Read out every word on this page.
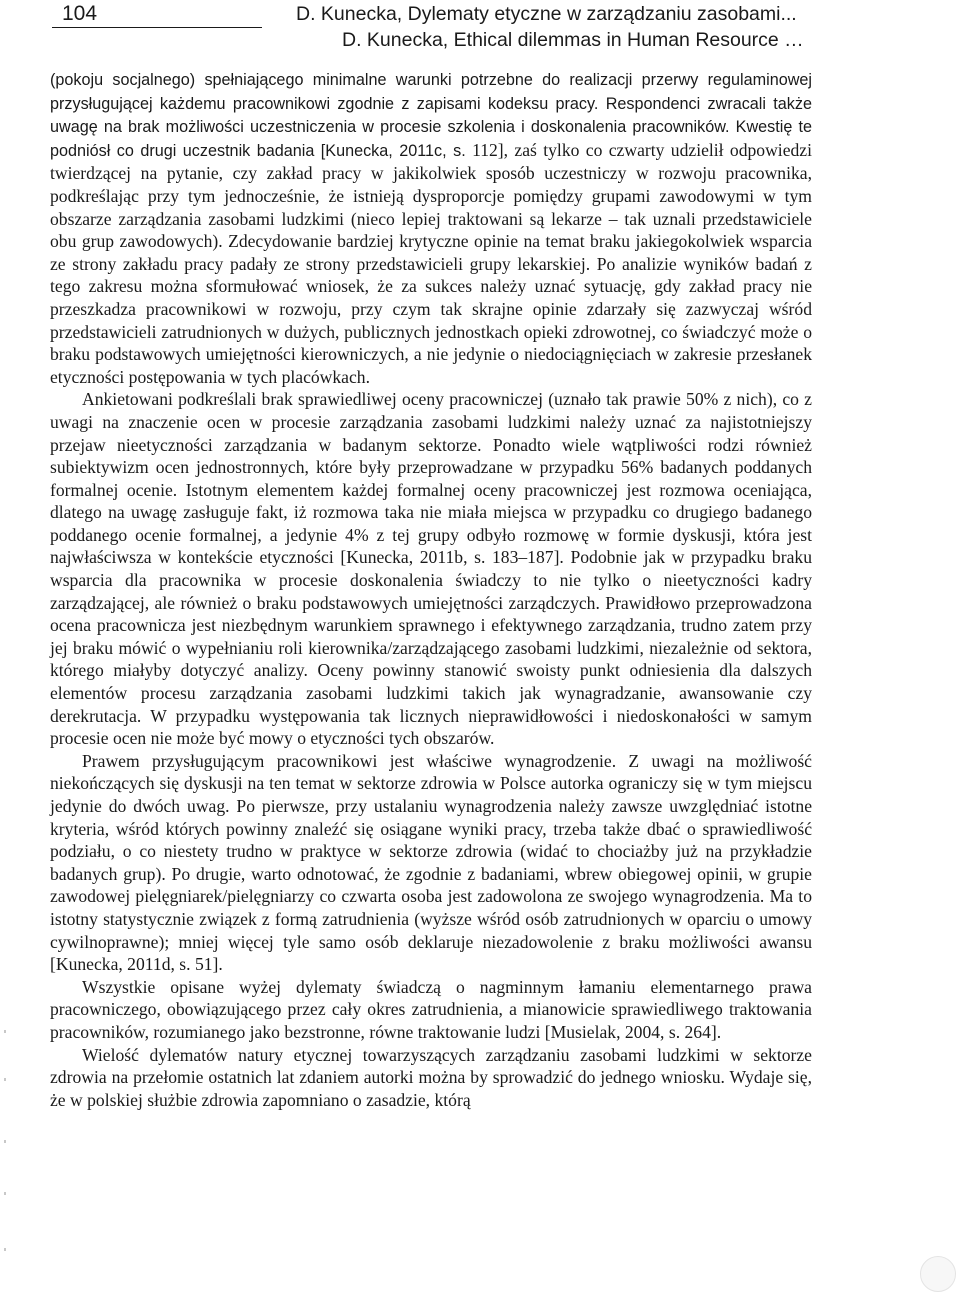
104	D. Kunecka, Dylematy etyczne w zarządzaniu zasobami...
D. Kunecka, Ethical dilemmas in Human Resource …

(pokoju socjalnego) spełniającego minimalne warunki potrzebne do realizacji przerwy regulaminowej przysługującej każdemu pracownikowi zgodnie z zapisami kodeksu pracy. Respondenci zwracali także uwagę na brak możliwości uczestniczenia w procesie szkolenia i doskonalenia pracowników. Kwestię te podniósł co drugi uczestnik badania [Kunecka, 2011c, s. 112], zaś tylko co czwarty udzielił odpowiedzi twierdzącej na pytanie, czy zakład pracy w jakikolwiek sposób uczestniczy w rozwoju pracownika, podkreślając przy tym jednocześnie, że istnieją dysproporcje pomiędzy grupami zawodowymi w tym obszarze zarządzania zasobami ludzkimi (nieco lepiej traktowani są lekarze – tak uznali przedstawiciele obu grup zawodowych). Zdecydowanie bardziej krytyczne opinie na temat braku jakiegokolwiek wsparcia ze strony zakładu pracy padały ze strony przedstawicieli grupy lekarskiej. Po analizie wyników badań z tego zakresu można sformułować wniosek, że za sukces należy uznać sytuację, gdy zakład pracy nie przeszkadza pracownikowi w rozwoju, przy czym tak skrajne opinie zdarzały się zazwyczaj wśród przedstawicieli zatrudnionych w dużych, publicznych jednostkach opieki zdrowotnej, co świadczyć może o braku podstawowych umiejętności kierowniczych, a nie jedynie o niedociągnięciach w zakresie przesłanek etyczności postępowania w tych placówkach.

Ankietowani podkreślali brak sprawiedliwej oceny pracowniczej (uznało tak prawie 50% z nich), co z uwagi na znaczenie ocen w procesie zarządzania zasobami ludzkimi należy uznać za najistotniejszy przejaw nieetyczności zarządzania w badanym sektorze. Ponadto wiele wątpliwości rodzi również subiektywizm ocen jednostronnych, które były przeprowadzane w przypadku 56% badanych poddanych formalnej ocenie. Istotnym elementem każdej formalnej oceny pracowniczej jest rozmowa oceniająca, dlatego na uwagę zasługuje fakt, iż rozmowa taka nie miała miejsca w przypadku co drugiego badanego poddanego ocenie formalnej, a jedynie 4% z tej grupy odbyło rozmowę w formie dyskusji, która jest najwłaściwsza w kontekście etyczności [Kunecka, 2011b, s. 183–187]. Podobnie jak w przypadku braku wsparcia dla pracownika w procesie doskonalenia świadczy to nie tylko o nieetyczności kadry zarządzającej, ale również o braku podstawowych umiejętności zarządczych. Prawidłowo przeprowadzona ocena pracownicza jest niezbędnym warunkiem sprawnego i efektywnego zarządzania, trudno zatem przy jej braku mówić o wypełnianiu roli kierownika/zarządzającego zasobami ludzkimi, niezależnie od sektora, którego miałyby dotyczyć analizy. Oceny powinny stanowić swoisty punkt odniesienia dla dalszych elementów procesu zarządzania zasobami ludzkimi takich jak wynagradzanie, awansowanie czy derekrutacja. W przypadku występowania tak licznych nieprawidłowości i niedoskonałości w samym procesie ocen nie może być mowy o etyczności tych obszarów.

Prawem przysługującym pracownikowi jest właściwe wynagrodzenie. Z uwagi na możliwość niekończących się dyskusji na ten temat w sektorze zdrowia w Polsce autorka ograniczy się w tym miejscu jedynie do dwóch uwag. Po pierwsze, przy ustalaniu wynagrodzenia należy zawsze uwzględniać istotne kryteria, wśród których powinny znaleźć się osiągane wyniki pracy, trzeba także dbać o sprawiedliwość podziału, o co niestety trudno w praktyce w sektorze zdrowia (widać to chociażby już na przykładzie badanych grup). Po drugie, warto odnotować, że zgodnie z badaniami, wbrew obiegowej opinii, w grupie zawodowej pielęgniarek/pielęgniarzy co czwarta osoba jest zadowolona ze swojego wynagrodzenia. Ma to istotny statystycznie związek z formą zatrudnienia (wyższe wśród osób zatrudnionych w oparciu o umowy cywilnoprawne); mniej więcej tyle samo osób deklaruje niezadowolenie z braku możliwości awansu [Kunecka, 2011d, s. 51].

Wszystkie opisane wyżej dylematy świadczą o nagminnym łamaniu elementarnego prawa pracowniczego, obowiązującego przez cały okres zatrudnienia, a mianowicie sprawiedliwego traktowania pracowników, rozumianego jako bezstronne, równe traktowanie ludzi [Musielak, 2004, s. 264].

Wielość dylematów natury etycznej towarzyszących zarządzaniu zasobami ludzkimi w sektorze zdrowia na przełomie ostatnich lat zdaniem autorki można by sprowadzić do jednego wniosku. Wydaje się, że w polskiej służbie zdrowia zapomniano o zasadzie, którą
